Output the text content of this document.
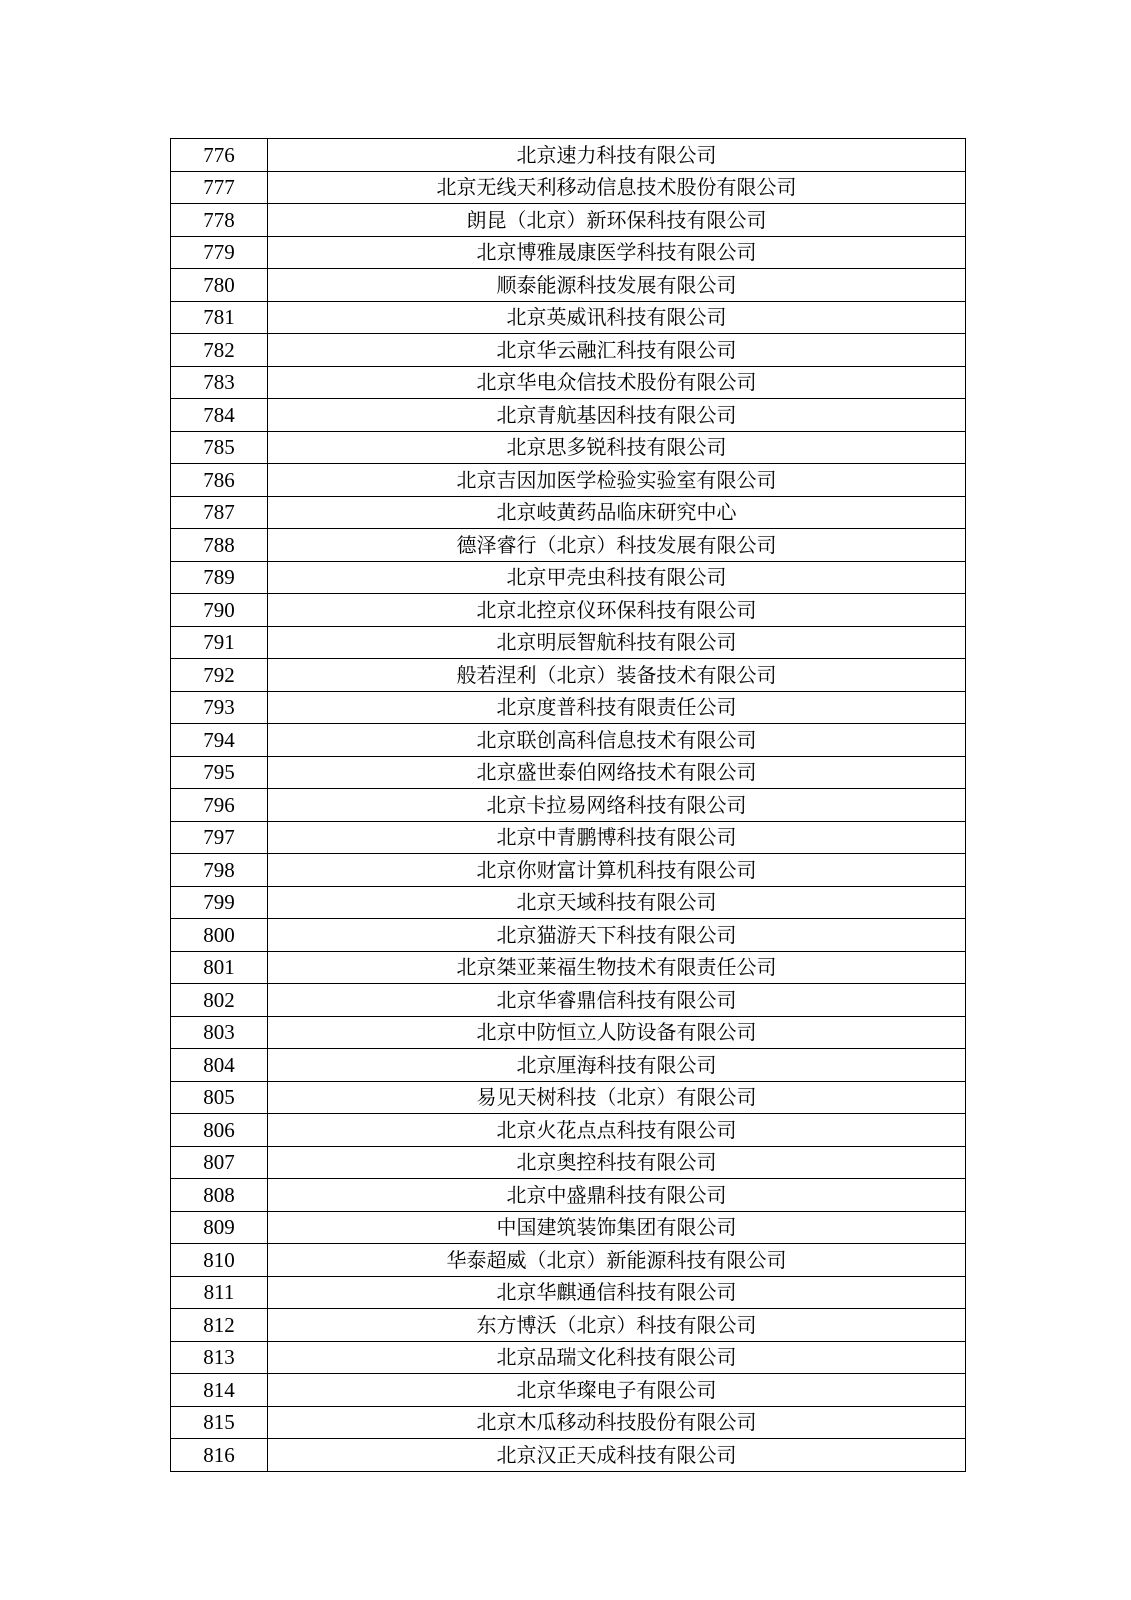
776	北京速力科技有限公司
777	北京无线天利移动信息技术股份有限公司
778	朗昆（北京）新环保科技有限公司
779	北京博雅晟康医学科技有限公司
780	顺泰能源科技发展有限公司
781	北京英威讯科技有限公司
782	北京华云融汇科技有限公司
783	北京华电众信技术股份有限公司
784	北京青航基因科技有限公司
785	北京思多锐科技有限公司
786	北京吉因加医学检验实验室有限公司
787	北京岐黄药品临床研究中心
788	德泽睿行（北京）科技发展有限公司
789	北京甲壳虫科技有限公司
790	北京北控京仪环保科技有限公司
791	北京明辰智航科技有限公司
792	般若涅利（北京）装备技术有限公司
793	北京度普科技有限责任公司
794	北京联创高科信息技术有限公司
795	北京盛世泰伯网络技术有限公司
796	北京卡拉易网络科技有限公司
797	北京中青鹏博科技有限公司
798	北京你财富计算机科技有限公司
799	北京天域科技有限公司
800	北京猫游天下科技有限公司
801	北京桀亚莱福生物技术有限责任公司
802	北京华睿鼎信科技有限公司
803	北京中防恒立人防设备有限公司
804	北京厘海科技有限公司
805	易见天树科技（北京）有限公司
806	北京火花点点科技有限公司
807	北京奥控科技有限公司
808	北京中盛鼎科技有限公司
809	中国建筑装饰集团有限公司
810	华泰超威（北京）新能源科技有限公司
811	北京华麒通信科技有限公司
812	东方博沃（北京）科技有限公司
813	北京品瑞文化科技有限公司
814	北京华璨电子有限公司
815	北京木瓜移动科技股份有限公司
816	北京汉正天成科技有限公司
